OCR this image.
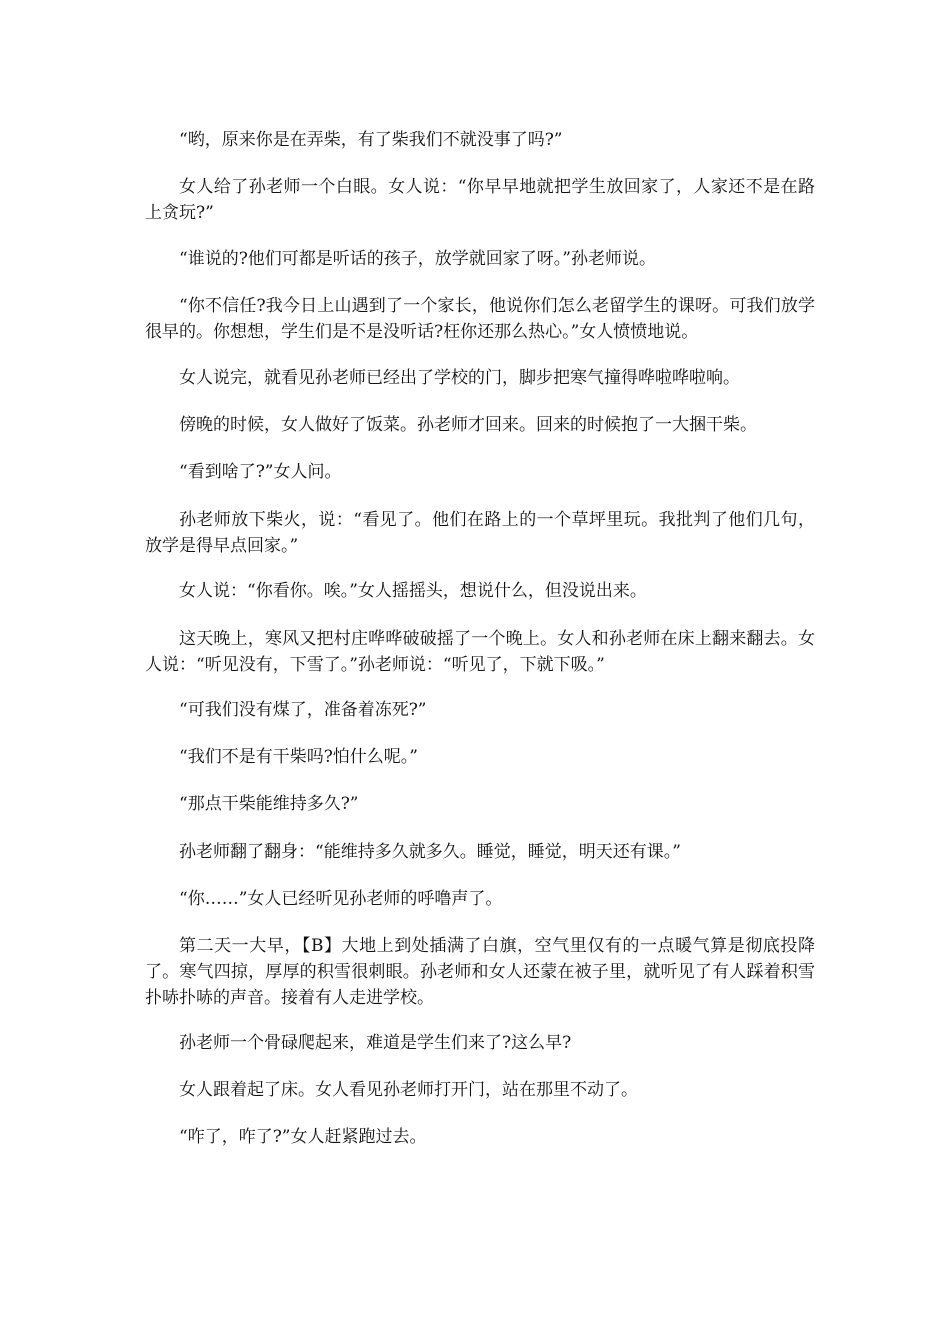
“哟，原来你是在弄柴，有了柴我们不就没事了吗?”

女人给了孙老师一个白眼。女人说：“你早早地就把学生放回家了，人家还不是在路上贪玩?”

“谁说的?他们可都是听话的孩子，放学就回家了呀。”孙老师说。

“你不信任?我今日上山遇到了一个家长，他说你们怎么老留学生的课呀。可我们放学很早的。你想想，学生们是不是没听话?枉你还那么热心。”女人愤愤地说。

女人说完，就看见孙老师已经出了学校的门，脚步把寒气撞得哗啦哗啦响。

傍晚的时候，女人做好了饭菜。孙老师才回来。回来的时候抱了一大捆干柴。

“看到啥了?”女人问。

孙老师放下柴火，说：“看见了。他们在路上的一个草坪里玩。我批判了他们几句，放学是得早点回家。”

女人说：“你看你。唉。”女人摇摇头，想说什么，但没说出来。

这天晚上，寒风又把村庄哗哗破破摇了一个晚上。女人和孙老师在床上翻来翻去。女人说：“听见没有，下雪了。”孙老师说：“听见了，下就下吸。”

“可我们没有煤了，准备着冻死?”

“我们不是有干柴吗?怕什么呢。”

“那点干柴能维持多久?”

孙老师翻了翻身：“能维持多久就多久。睡觉，睡觉，明天还有课。”

“你……”女人已经听见孙老师的呼噜声了。

第二天一大早，【B】大地上到处插满了白旗，空气里仅有的一点暖气算是彻底投降了。寒气四掠，厚厚的积雪很刺眼。孙老师和女人还蒙在被子里，就听见了有人踩着积雪扑哧扑哧的声音。接着有人走进学校。

孙老师一个骨碌爬起来，难道是学生们来了?这么早?

女人跟着起了床。女人看见孙老师打开门，站在那里不动了。

“咋了，咋了?”女人赶紧跑过去。
